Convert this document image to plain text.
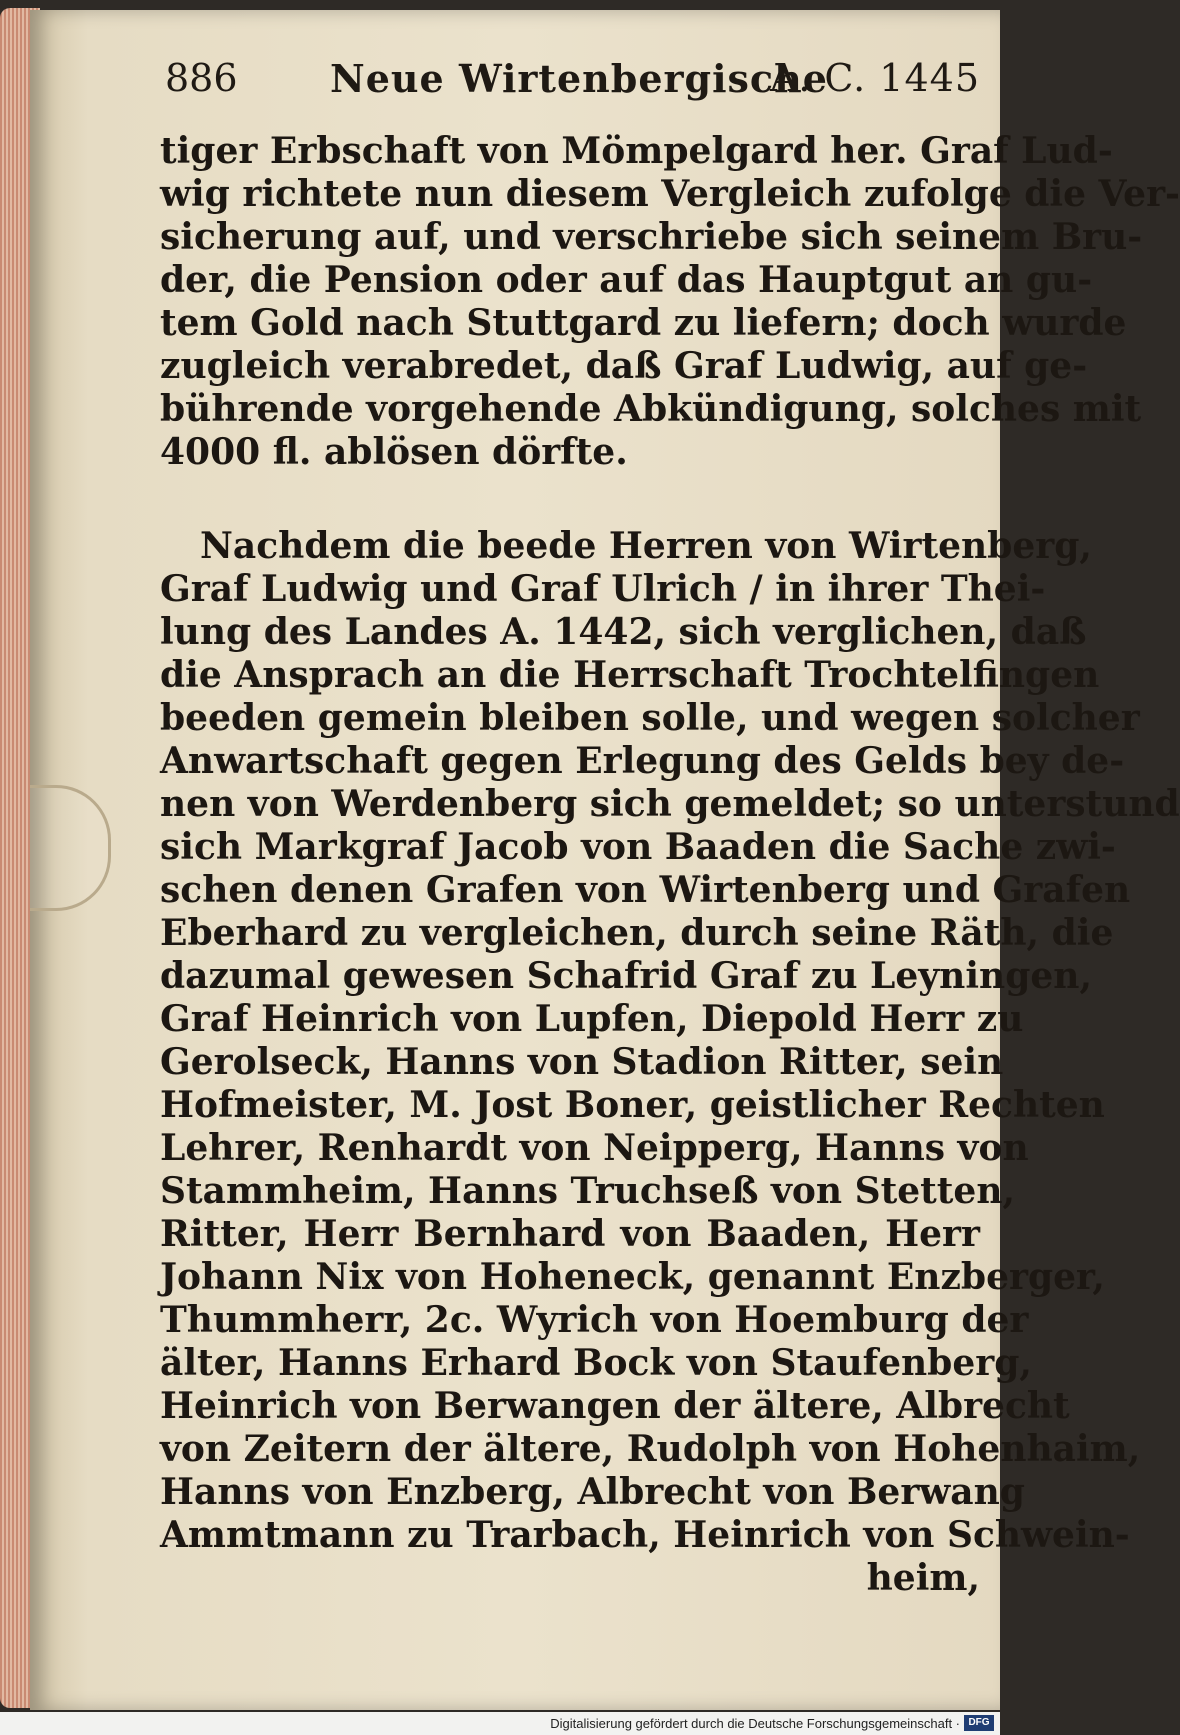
886 Neue Wirtenbergische
A. C. 1445
tiger Erbschaft von Mömpelgard her. Graf Lud-
wig richtete nun diesem Vergleich zufolge die Ver-
sicherung auf, und verschriebe sich seinem Bru-
der, die Pension oder auf das Hauptgut an gu-
tem Gold nach Stuttgard zu liefern; doch wurde
zugleich verabredet, daß Graf Ludwig, auf ge-
bührende vorgehende Abkündigung, solches mit
4000 fl. ablösen dörfte.
Nachdem die beede Herren von Wirtenberg,
Graf Ludwig und Graf Ulrich / in ihrer Thei-
lung des Landes A. 1442, sich verglichen, daß
die Ansprach an die Herrschaft Trochtelfingen
beeden gemein bleiben solle, und wegen solcher
Anwartschaft gegen Erlegung des Gelds bey de-
nen von Werdenberg sich gemeldet; so unterstund
sich Markgraf Jacob von Baaden die Sache zwi-
schen denen Grafen von Wirtenberg und Grafen
Eberhard zu vergleichen, durch seine Räth, die
dazumal gewesen Schafrid Graf zu Leyningen,
Graf Heinrich von Lupfen, Diepold Herr zu
Gerolseck, Hanns von Stadion Ritter, sein
Hofmeister, M. Jost Boner, geistlicher Rechten
Lehrer, Renhardt von Neipperg, Hanns von
Stammheim, Hanns Truchseß von Stetten,
Ritter, Herr Bernhard von Baaden, Herr
Johann Nix von Hoheneck, genannt Enzberger,
Thummherr, 2c. Wyrich von Hoemburg der
älter, Hanns Erhard Bock von Staufenberg,
Heinrich von Berwangen der ältere, Albrecht
von Zeitern der ältere, Rudolph von Hohenhaim,
Hanns von Enzberg, Albrecht von Berwang
Ammtmann zu Trarbach, Heinrich von Schwein-
heim,
Digitalisierung gefördert durch die Deutsche Forschungsgemeinschaft · DFG
